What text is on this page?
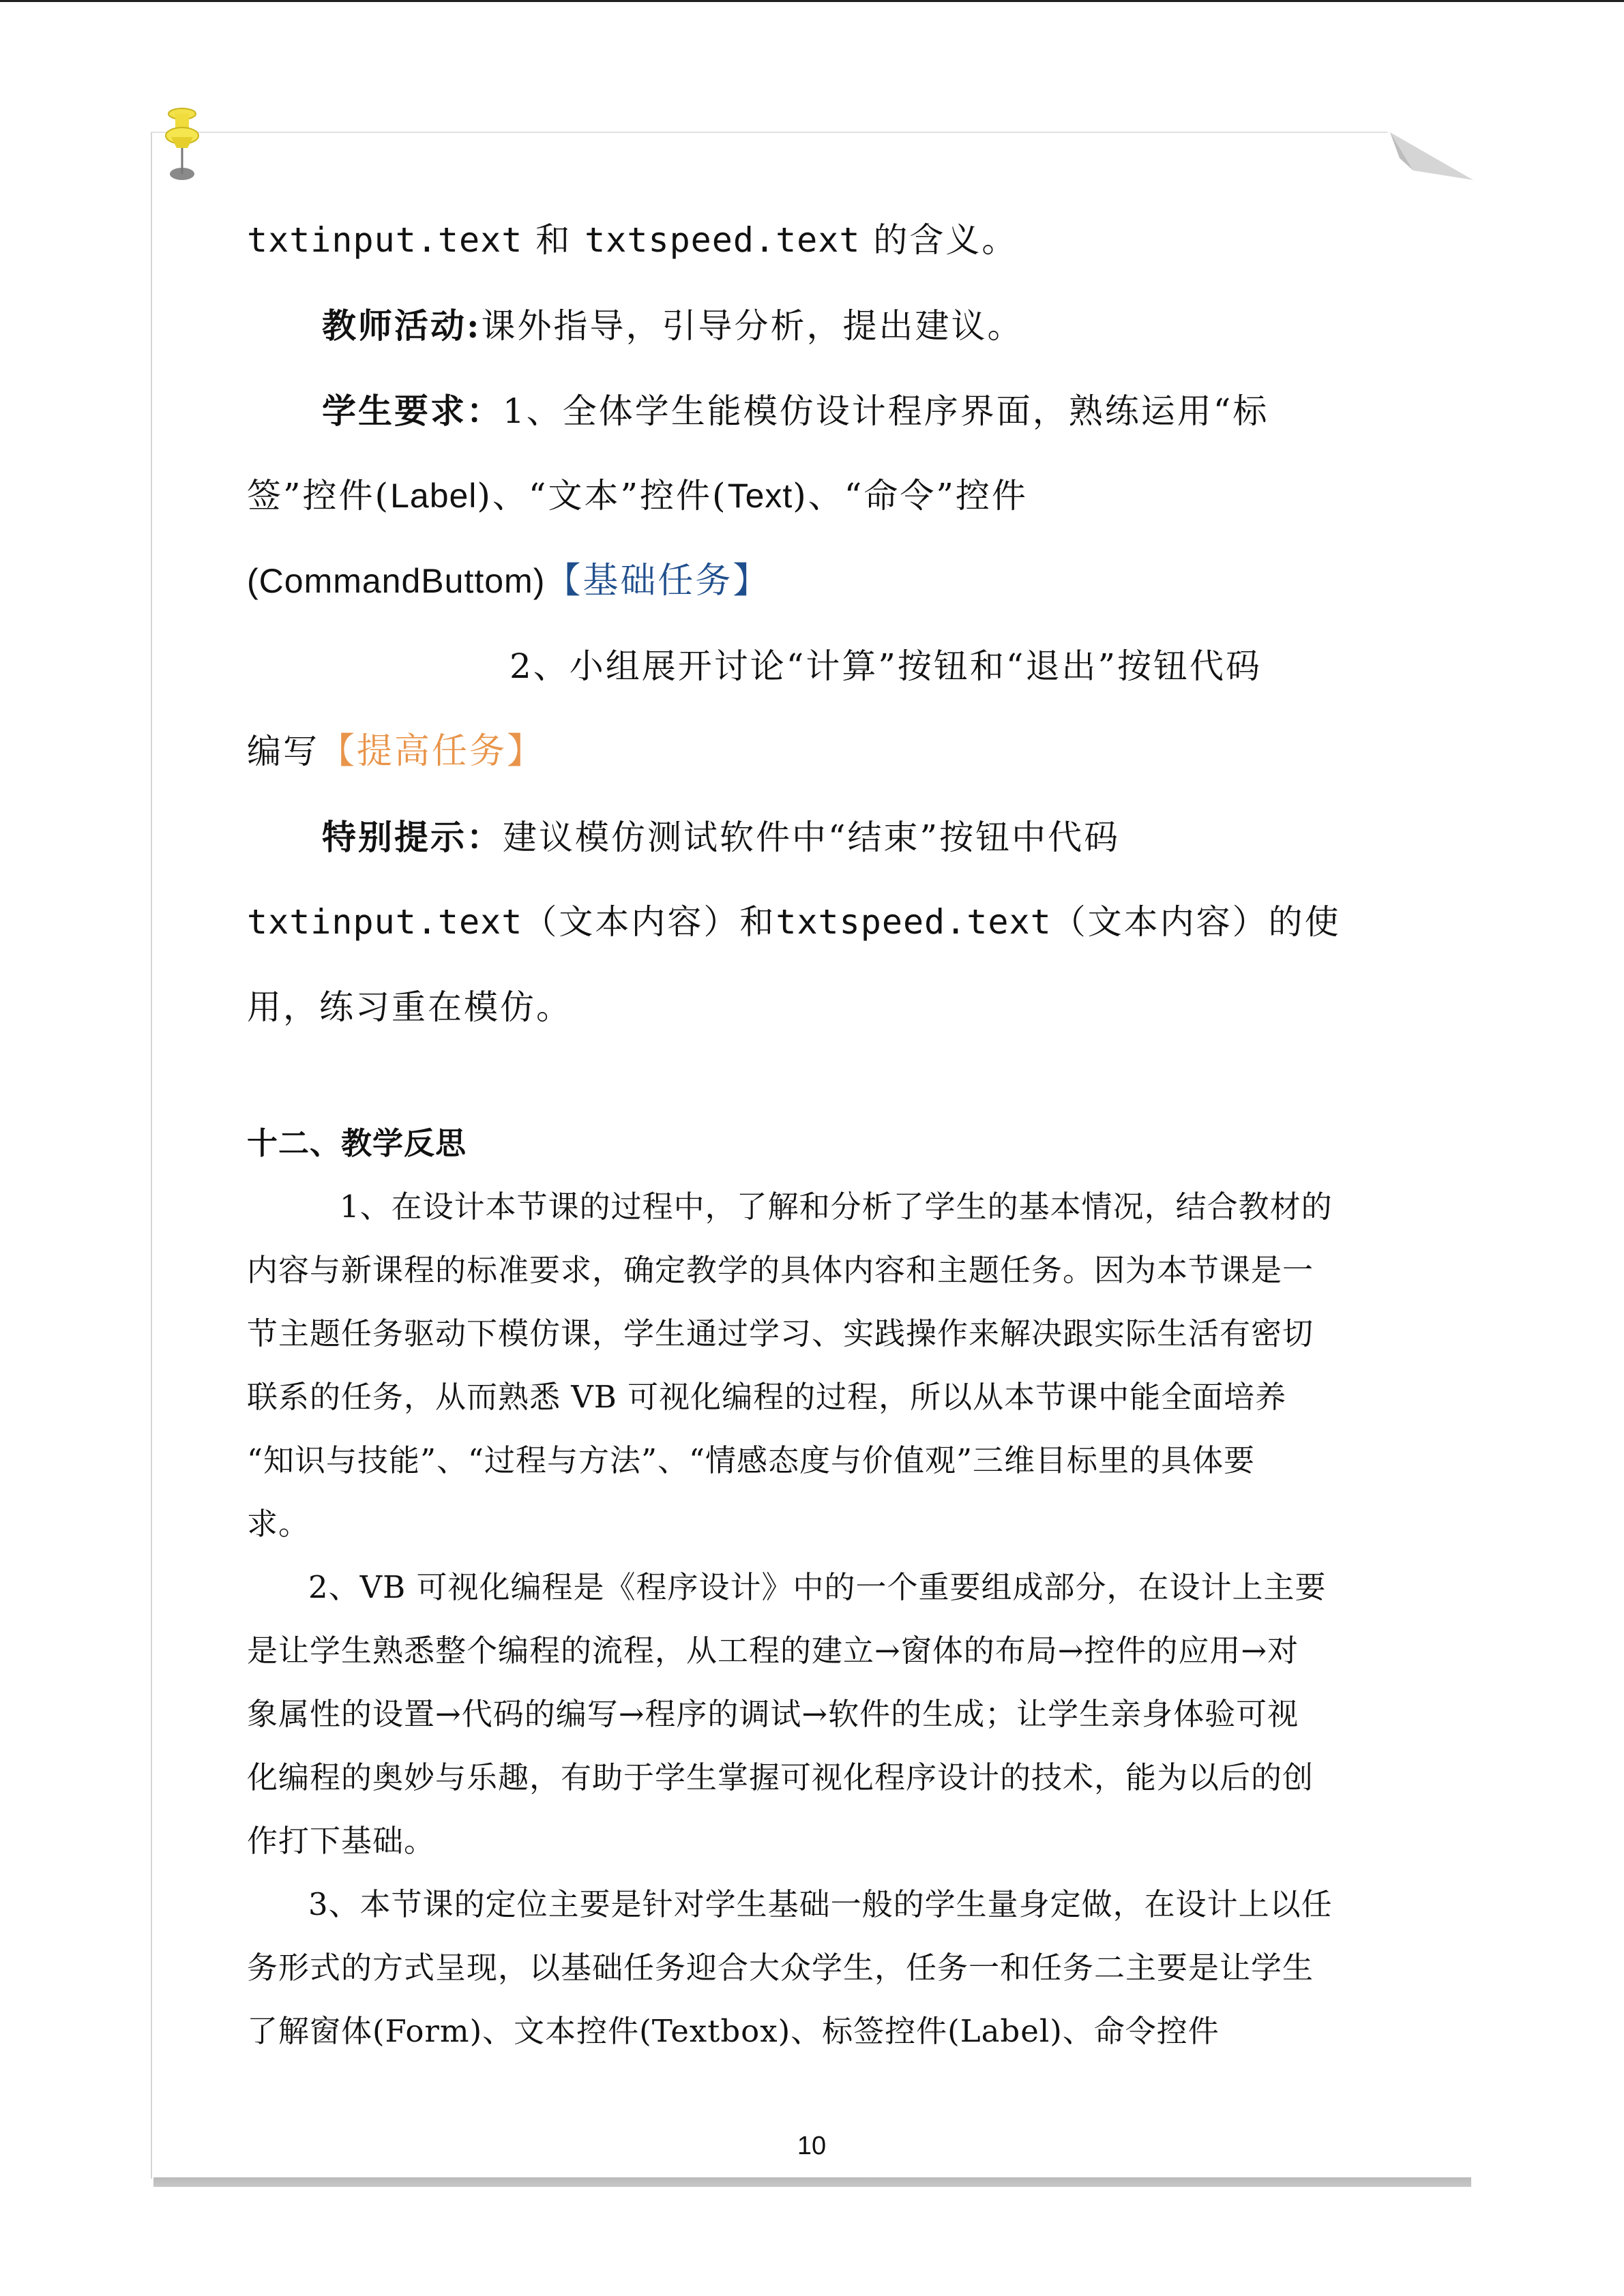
txtinput.text 和 txtspeed.text 的含义。
教师活动:课外指导，引导分析，提出建议。
学生要求：1、全体学生能模仿设计程序界面，熟练运用“标
签”控件(Label)、“文本”控件(Text)、“命令”控件
(CommandButtom)【基础任务】
2、小组展开讨论“计算”按钮和“退出”按钮代码
编写【提高任务】
特别提示：建议模仿测试软件中“结束”按钮中代码
txtinput.text（文本内容）和txtspeed.text（文本内容）的使
用，练习重在模仿。
十二、教学反思
　1、在设计本节课的过程中，了解和分析了学生的基本情况，结合教材的
内容与新课程的标准要求，确定教学的具体内容和主题任务。因为本节课是一
节主题任务驱动下模仿课，学生通过学习、实践操作来解决跟实际生活有密切
联系的任务，从而熟悉 VB 可视化编程的过程，所以从本节课中能全面培养
“知识与技能”、“过程与方法”、“情感态度与价值观”三维目标里的具体要
求。
2、VB 可视化编程是《程序设计》中的一个重要组成部分，在设计上主要
是让学生熟悉整个编程的流程，从工程的建立→窗体的布局→控件的应用→对
象属性的设置→代码的编写→程序的调试→软件的生成；让学生亲身体验可视
化编程的奥妙与乐趣，有助于学生掌握可视化程序设计的技术，能为以后的创
作打下基础。
3、本节课的定位主要是针对学生基础一般的学生量身定做，在设计上以任
务形式的方式呈现，以基础任务迎合大众学生，任务一和任务二主要是让学生
了解窗体(Form)、文本控件(Textbox)、标签控件(Label)、命令控件
10
